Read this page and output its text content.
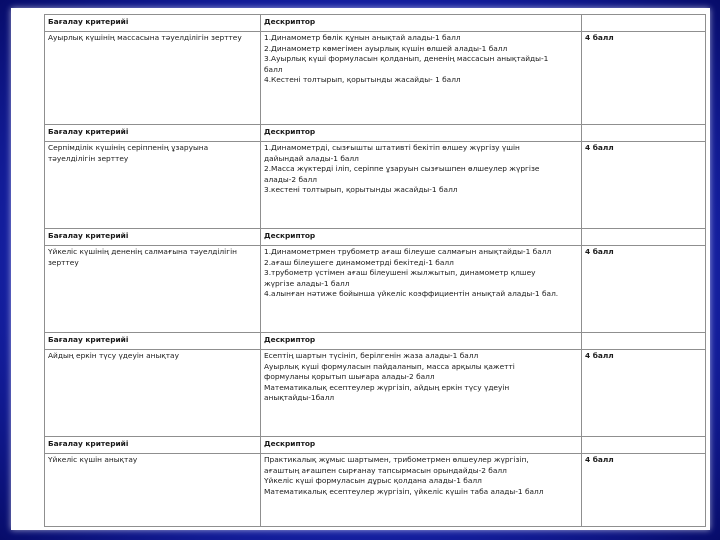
Бағалау критерийі	Дескриптор	
Ауырлық күшінің массасына тәуелділігін зерттеу	1.Динамометр бөлік құнын анықтай алады-1 балл
2.Динамометр көмегімен ауырлық күшін өлшей алады-1 балл
3.Ауырлық күші формуласын қолданып, дененің массасын анықтайды-1
балл
4.Кестені толтырып, қорытынды жасайды- 1 балл	4 балл
Бағалау критерийі	Дескриптор	
Серпімділік күшінің серіппенің ұзаруына тәуелділігін зерттеу	1.Динамометрді, сызғышты штативті бекітіп өлшеу жүргізу үшін
дайындай алады-1 балл
2.Масса жүктерді іліп, серіппе ұзаруын сызғышпен өлшеулер жүргізе
алады-2 балл
3.кестені толтырып, қорытынды жасайды-1 балл	4 балл
Бағалау критерийі	Дескриптор	
Үйкеліс күшінің дененің салмағына тәуелділігін зерттеу	1.Динамометрмен трубометр ағаш білеуше салмағын анықтайды-1 балл
2.ағаш білеушеге динамометрді бекітеді-1 балл
3.трубометр үстімен ағаш білеушені жылжытып, динамометр қлшеу
жүргізе алады-1 балл
4.алынған нәтиже бойынша үйкеліс коэффициентін анықтай алады-1 бал.	4 балл
Бағалау критерийі	Дескриптор	
Айдың еркін түсу үдеуін анықтау	Есептің шартын түсініп, берілгенін жаза алады-1 балл
Ауырлық күші формуласын пайдаланып, масса арқылы қажетті
формуланы қорытып шығара алады-2 балл
Математикалық есептеулер жүргізіп, айдың еркін түсу үдеуін
анықтайды-1балл	4 балл
Бағалау критерийі	Дескриптор	
Үйкеліс күшін анықтау	Практикалық жұмыс шартымен, трибометрмен өлшеулер жүргізіп,
ағаштың ағашпен сырғанау тапсырмасын орындайды-2 балл
Үйкеліс күші формуласын дұрыс қолдана алады-1 балл
Математикалық есептеулер жүргізіп, үйкеліс күшін таба алады-1 балл	4 балл
